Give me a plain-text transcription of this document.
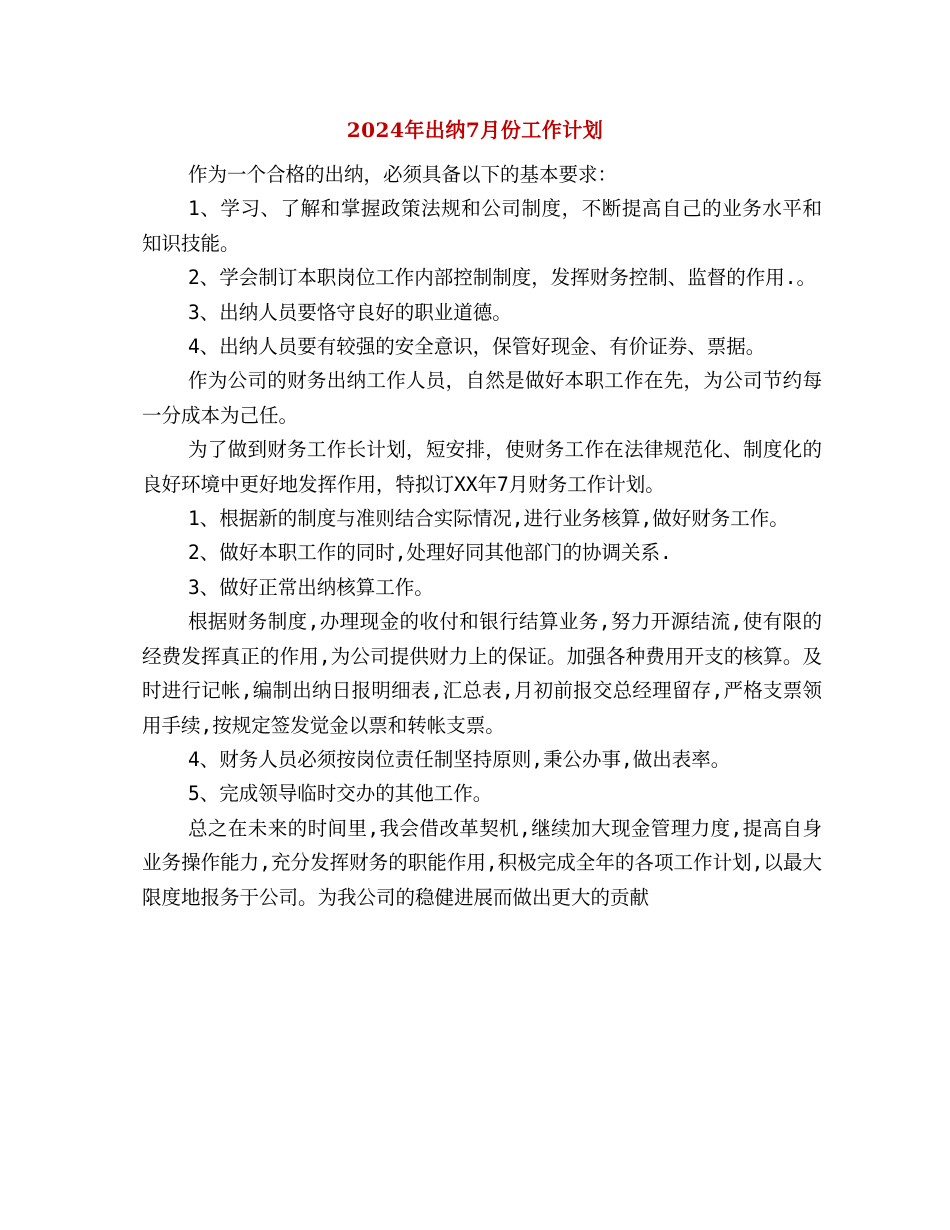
2024年出纳7月份工作计划

作为一个合格的出纳，必须具备以下的基本要求：

1、学习、了解和掌握政策法规和公司制度，不断提高自己的业务水平和知识技能。

2、学会制订本职岗位工作内部控制制度，发挥财务控制、监督的作用.。

3、出纳人员要恪守良好的职业道德。

4、出纳人员要有较强的安全意识，保管好现金、有价证券、票据。

作为公司的财务出纳工作人员，自然是做好本职工作在先，为公司节约每一分成本为己任。

为了做到财务工作长计划，短安排，使财务工作在法律规范化、制度化的良好环境中更好地发挥作用，特拟订XX年7月财务工作计划。

1、根据新的制度与准则结合实际情况,进行业务核算,做好财务工作。

2、做好本职工作的同时,处理好同其他部门的协调关系.

3、做好正常出纳核算工作。

根据财务制度,办理现金的收付和银行结算业务,努力开源结流,使有限的经费发挥真正的作用,为公司提供财力上的保证。加强各种费用开支的核算。及时进行记帐,编制出纳日报明细表,汇总表,月初前报交总经理留存,严格支票领用手续,按规定签发觉金以票和转帐支票。

4、财务人员必须按岗位责任制坚持原则,秉公办事,做出表率。

5、完成领导临时交办的其他工作。

总之在未来的时间里,我会借改革契机,继续加大现金管理力度,提高自身业务操作能力,充分发挥财务的职能作用,积极完成全年的各项工作计划,以最大限度地报务于公司。为我公司的稳健进展而做出更大的贡献
